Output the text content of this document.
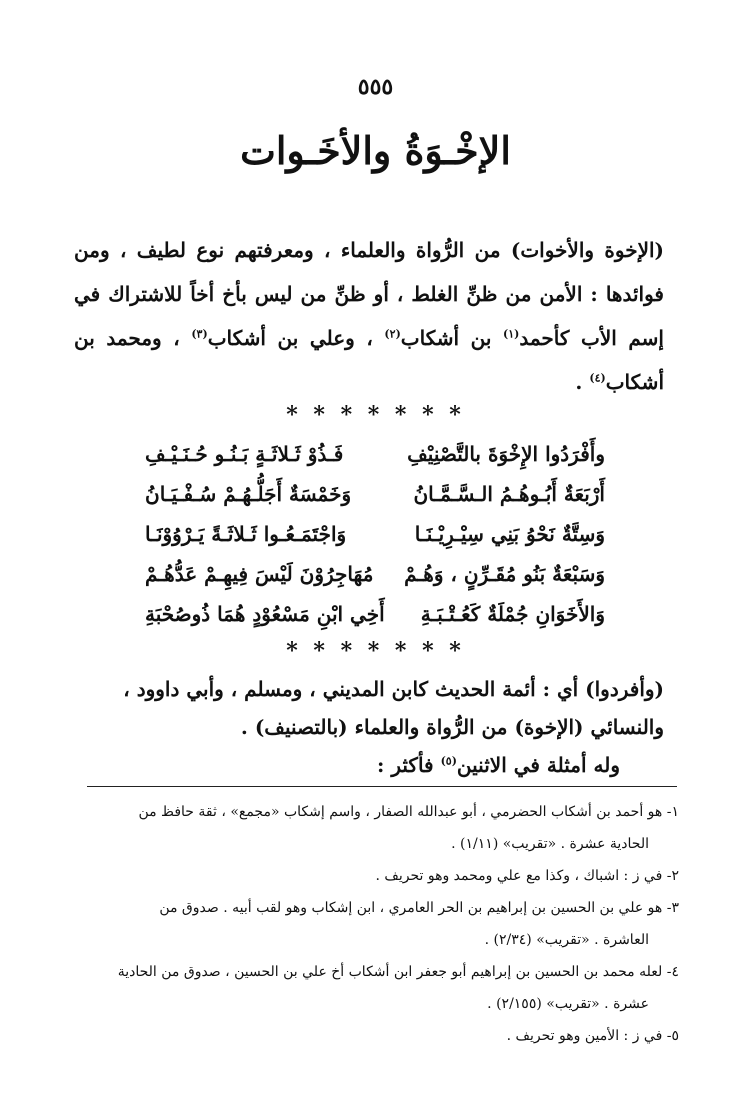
٥٥٥
الإخْـوَةُ والأخَـوات

(الإخوة والأخوات) من الرُّواة والعلماء ، ومعرفتهم نوع لطيف ، ومن فوائدها : الأمن من ظنِّ الغلط ، أو ظنِّ من ليس بأخ أخاً للاشتراك في إسم الأب كأحمد$^{(١)}$ بن أشكاب$^{(٢)}$ ، وعلي بن أشكاب$^{(٣)}$ ، ومحمد بن أشكاب$^{(٤)}$ .

* * * * * * *
وأَفْرَدُوا الإِخْوَةَ بالتَّصْنِيْفِ
فَـذُوْ ثَـلاثَـةٍ بَـنُـو حُـنَـيْـفِ
أَرْبَعَةٌ أَبُـوهُـمُ الـسَّـمَّـانُ
وَخَمْسَةٌ أَجَلُّـهُـمْ سُـفْـيَـانُ
وَسِتَّةٌ نَحْوُ بَنِي سِيْـرِيْـنَـا
وَاجْتَمَـعُـوا ثَـلاثَـةً يَـرْوُوْنَـا
وَسَبْعَةٌ بَنُو مُقَـرِّنٍ ، وَهُـمْ
مُهَاجِرُوْنَ لَيْسَ فِيهِـمْ عَدُّهُـمْ
وَالأَخَوَانِ جُمْلَةٌ كَعُـتْـبَـةِ
أَخِي ابْنِ مَسْعُوْدٍ هُمَا ذُوصُحْبَةِ
* * * * * * *

(وأفردوا) أي : أئمة الحديث كابن المديني ، ومسلم ، وأبي داوود ، والنسائي (الإخوة) من الرُّواة والعلماء (بالتصنيف) .

وله أمثلة في الاثنين$^{(٥)}$ فأكثر :

١- هو أحمد بن أشكاب الحضرمي ، أبو عبدالله الصفار ، واسم إشكاب «مجمع» ، ثقة حافظ من

الحادية عشرة . «تقريب» (١/١١) .

٢- في ز : اشباك ، وكذا مع علي ومحمد وهو تحريف .

٣- هو علي بن الحسين بن إبراهيم بن الحر العامري ، ابن إشكاب وهو لقب أبيه . صدوق من

العاشرة . «تقريب» (٢/٣٤) .

٤- لعله محمد بن الحسين بن إبراهيم أبو جعفر ابن أشكاب أخ علي بن الحسين ، صدوق من الحادية

عشرة . «تقريب» (٢/١٥٥) .

٥- في ز : الأمين وهو تحريف .
